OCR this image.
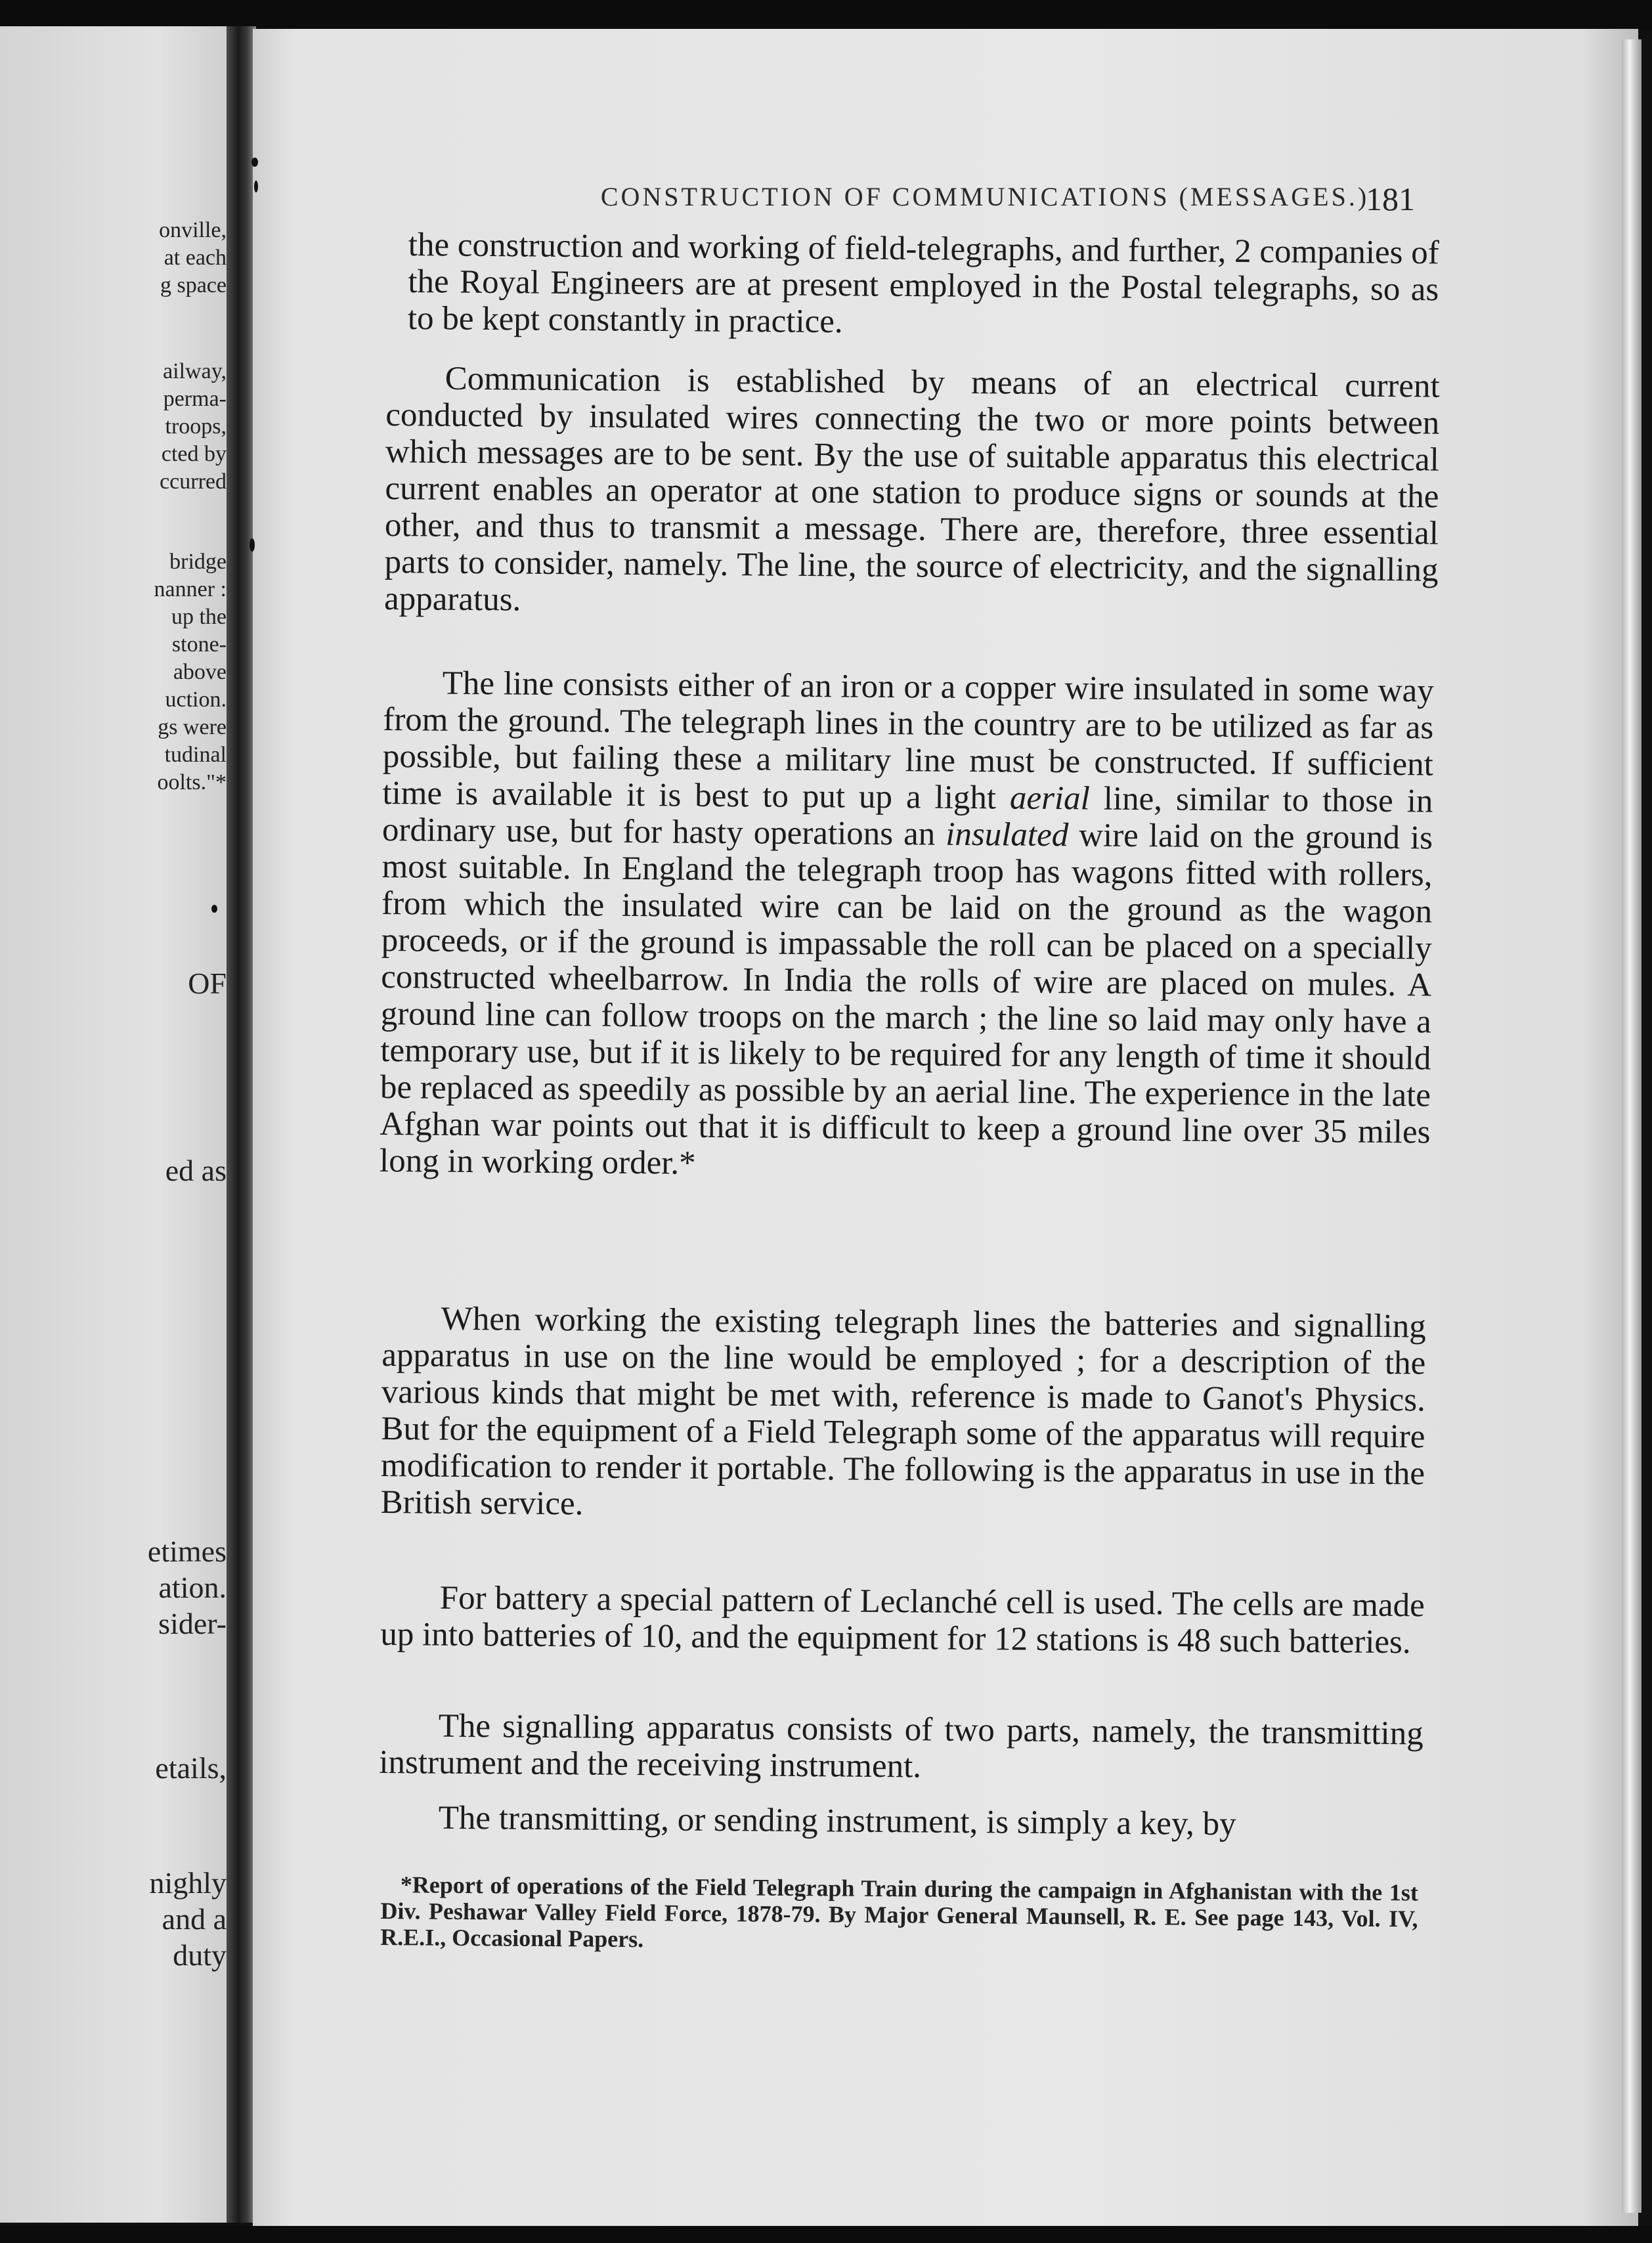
onville,
at each
g space
ailway,
perma-
troops,
cted by
ccurred
bridge
nanner :
up the
stone-
above
uction.
gs were
tudinal
oolts."*
OF
ed as
etimes
ation.
sider-
etails,
nighly
and a
duty
CONSTRUCTION OF COMMUNICATIONS (MESSAGES.)
181

the construction and working of field-telegraphs, and further, 2 companies of the Royal Engineers are at present employed in the Postal telegraphs, so as to be kept constantly in practice.

Communication is established by means of an electrical current conducted by insulated wires connecting the two or more points between which messages are to be sent. By the use of suitable apparatus this electrical current enables an operator at one station to produce signs or sounds at the other, and thus to transmit a message. There are, therefore, three essential parts to consider, namely. The line, the source of electricity, and the signalling apparatus.

The line consists either of an iron or a copper wire insulated in some way from the ground. The telegraph lines in the country are to be utilized as far as possible, but failing these a military line must be constructed. If sufficient time is available it is best to put up a light aerial line, similar to those in ordinary use, but for hasty operations an insulated wire laid on the ground is most suitable. In England the telegraph troop has wagons fitted with rollers, from which the insulated wire can be laid on the ground as the wagon proceeds, or if the ground is impassable the roll can be placed on a specially constructed wheelbarrow. In India the rolls of wire are placed on mules. A ground line can follow troops on the march ; the line so laid may only have a temporary use, but if it is likely to be required for any length of time it should be replaced as speedily as possible by an aerial line. The experience in the late Afghan war points out that it is difficult to keep a ground line over 35 miles long in working order.*

When working the existing telegraph lines the batteries and signalling apparatus in use on the line would be employed ; for a description of the various kinds that might be met with, reference is made to Ganot's Physics. But for the equipment of a Field Telegraph some of the apparatus will require modification to render it portable. The following is the apparatus in use in the British service.

For battery a special pattern of Leclanché cell is used. The cells are made up into batteries of 10, and the equipment for 12 stations is 48 such batteries.

The signalling apparatus consists of two parts, namely, the transmitting instrument and the receiving instrument.

The transmitting, or sending instrument, is simply a key, by

*Report of operations of the Field Telegraph Train during the campaign in Afghanistan with the 1st Div. Peshawar Valley Field Force, 1878-79. By Major General Maunsell, R. E. See page 143, Vol. IV, R.E.I., Occasional Papers.
